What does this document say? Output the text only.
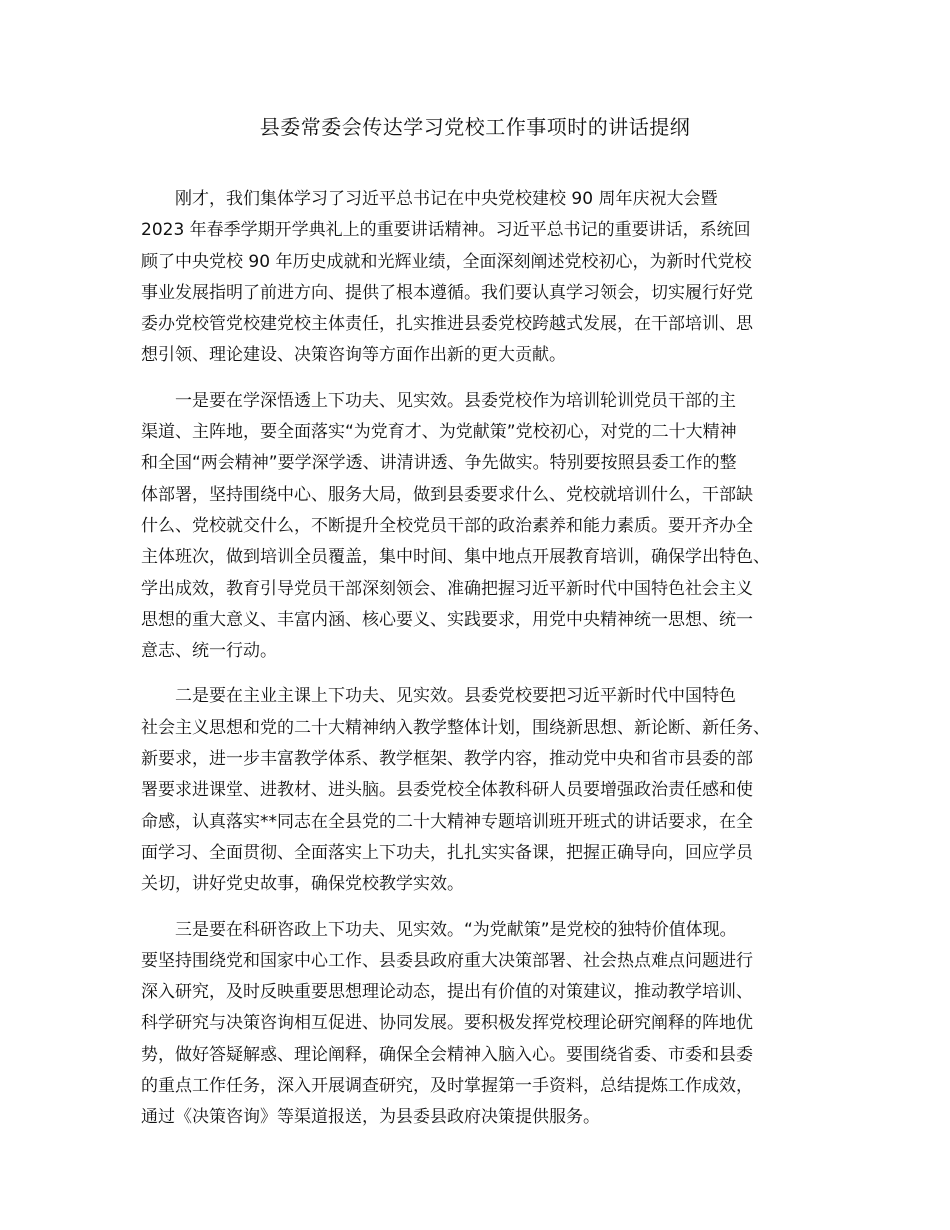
县委常委会传达学习党校工作事项时的讲话提纲

　　刚才，我们集体学习了习近平总书记在中央党校建校 90 周年庆祝大会暨
2023 年春季学期开学典礼上的重要讲话精神。习近平总书记的重要讲话，系统回
顾了中央党校 90 年历史成就和光辉业绩，全面深刻阐述党校初心，为新时代党校
事业发展指明了前进方向、提供了根本遵循。我们要认真学习领会，切实履行好党
委办党校管党校建党校主体责任，扎实推进县委党校跨越式发展，在干部培训、思
想引领、理论建设、决策咨询等方面作出新的更大贡献。

　　一是要在学深悟透上下功夫、见实效。县委党校作为培训轮训党员干部的主
渠道、主阵地，要全面落实“为党育才、为党献策”党校初心，对党的二十大精神
和全国“两会精神”要学深学透、讲清讲透、争先做实。特别要按照县委工作的整
体部署，坚持围绕中心、服务大局，做到县委要求什么、党校就培训什么，干部缺
什么、党校就交什么，不断提升全校党员干部的政治素养和能力素质。要开齐办全
主体班次，做到培训全员覆盖，集中时间、集中地点开展教育培训，确保学出特色、
学出成效，教育引导党员干部深刻领会、准确把握习近平新时代中国特色社会主义
思想的重大意义、丰富内涵、核心要义、实践要求，用党中央精神统一思想、统一
意志、统一行动。

　　二是要在主业主课上下功夫、见实效。县委党校要把习近平新时代中国特色
社会主义思想和党的二十大精神纳入教学整体计划，围绕新思想、新论断、新任务、
新要求，进一步丰富教学体系、教学框架、教学内容，推动党中央和省市县委的部
署要求进课堂、进教材、进头脑。县委党校全体教科研人员要增强政治责任感和使
命感，认真落实**同志在全县党的二十大精神专题培训班开班式的讲话要求，在全
面学习、全面贯彻、全面落实上下功夫，扎扎实实备课，把握正确导向，回应学员
关切，讲好党史故事，确保党校教学实效。

　　三是要在科研咨政上下功夫、见实效。“为党献策”是党校的独特价值体现。
要坚持围绕党和国家中心工作、县委县政府重大决策部署、社会热点难点问题进行
深入研究，及时反映重要思想理论动态，提出有价值的对策建议，推动教学培训、
科学研究与决策咨询相互促进、协同发展。要积极发挥党校理论研究阐释的阵地优
势，做好答疑解惑、理论阐释，确保全会精神入脑入心。要围绕省委、市委和县委
的重点工作任务，深入开展调查研究，及时掌握第一手资料，总结提炼工作成效，
通过《决策咨询》等渠道报送，为县委县政府决策提供服务。
